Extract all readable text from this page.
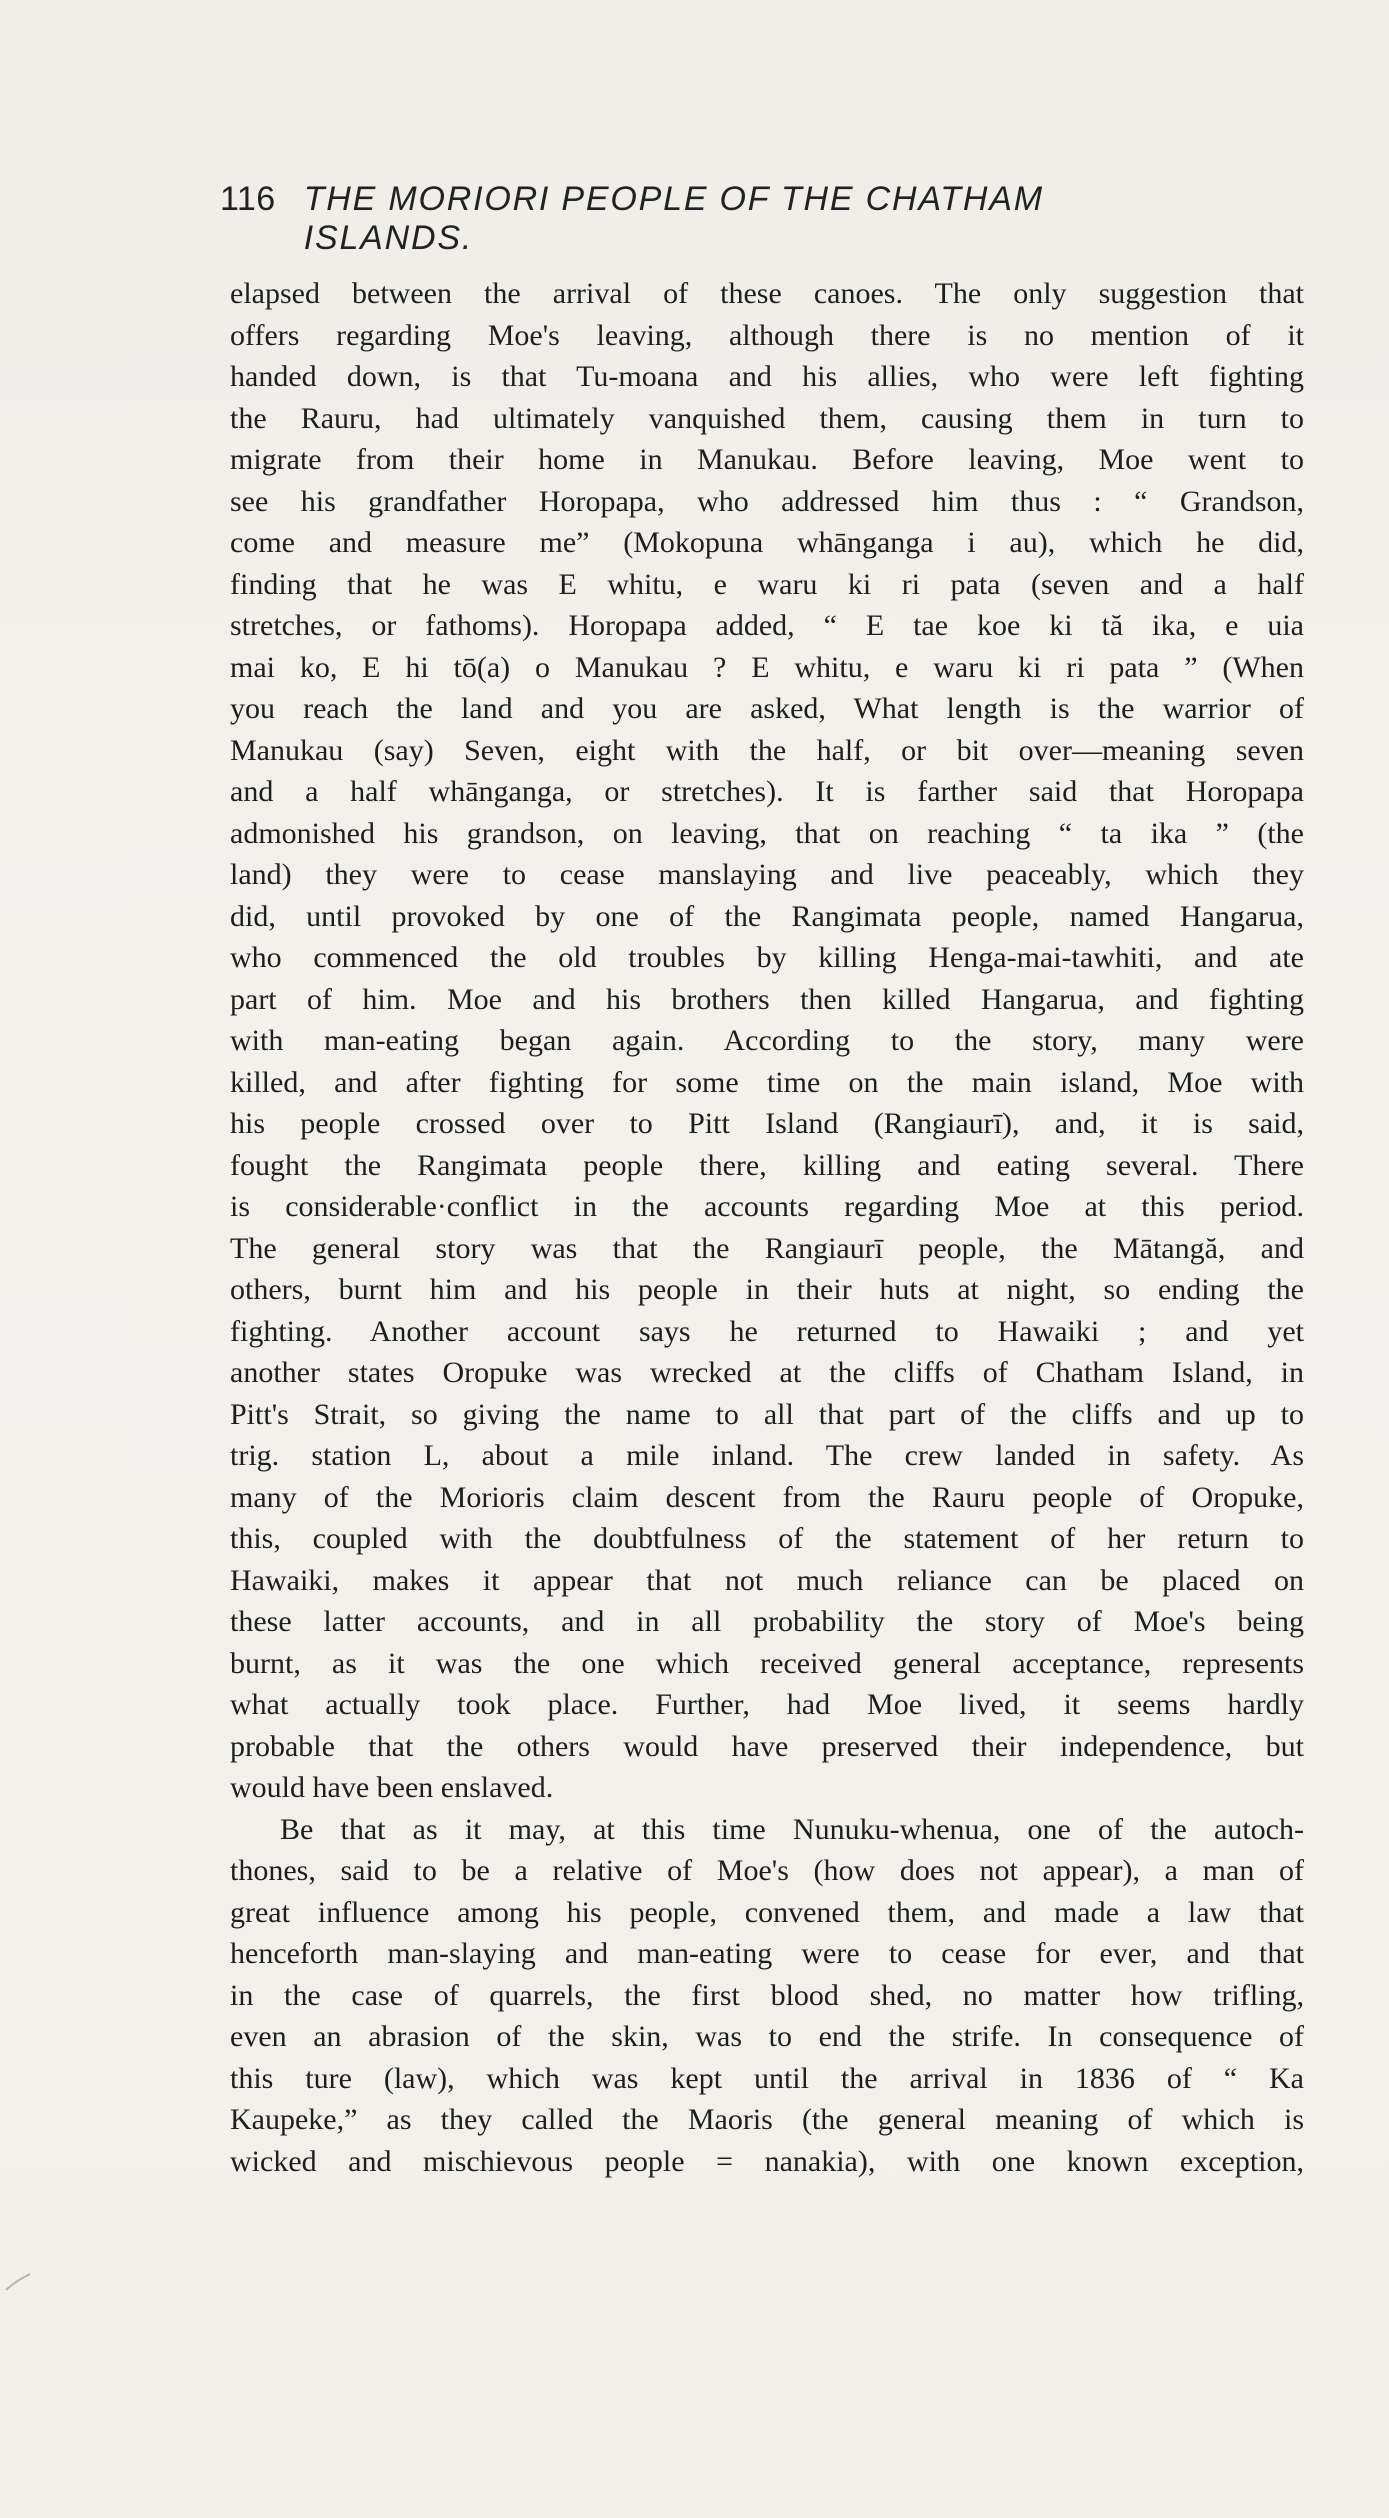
116 THE MORIORI PEOPLE OF THE CHATHAM ISLANDS.
elapsed between the arrival of these canoes. The only suggestion that
offers regarding Moe's leaving, although there is no mention of it
handed down, is that Tu-moana and his allies, who were left fighting
the Rauru, had ultimately vanquished them, causing them in turn to
migrate from their home in Manukau. Before leaving, Moe went to
see his grandfather Horopapa, who addressed him thus : “ Grandson,
come and measure me” (Mokopuna whānganga i au), which he did,
finding that he was E whitu, e waru ki ri pata (seven and a half
stretches, or fathoms). Horopapa added, “ E tae koe ki tă ika, e uia
mai ko, E hi tō(a) o Manukau ? E whitu, e waru ki ri pata ” (When
you reach the land and you are asked, What length is the warrior of
Manukau (say) Seven, eight with the half, or bit over—meaning seven
and a half whānganga, or stretches). It is farther said that Horopapa
admonished his grandson, on leaving, that on reaching “ ta ika ” (the
land) they were to cease manslaying and live peaceably, which they
did, until provoked by one of the Rangimata people, named Hangarua,
who commenced the old troubles by killing Henga-mai-tawhiti, and ate
part of him. Moe and his brothers then killed Hangarua, and fighting
with man-eating began again. According to the story, many were
killed, and after fighting for some time on the main island, Moe with
his people crossed over to Pitt Island (Rangiaurī), and, it is said,
fought the Rangimata people there, killing and eating several. There
is considerable·conflict in the accounts regarding Moe at this period.
The general story was that the Rangiaurī people, the Mātangă, and
others, burnt him and his people in their huts at night, so ending the
fighting. Another account says he returned to Hawaiki ; and yet
another states Oropuke was wrecked at the cliffs of Chatham Island, in
Pitt's Strait, so giving the name to all that part of the cliffs and up to
trig. station L, about a mile inland. The crew landed in safety. As
many of the Morioris claim descent from the Rauru people of Oropuke,
this, coupled with the doubtfulness of the statement of her return to
Hawaiki, makes it appear that not much reliance can be placed on
these latter accounts, and in all probability the story of Moe's being
burnt, as it was the one which received general acceptance, represents
what actually took place. Further, had Moe lived, it seems hardly
probable that the others would have preserved their independence, but
would have been enslaved.
Be that as it may, at this time Nunuku-whenua, one of the autoch-
thones, said to be a relative of Moe's (how does not appear), a man of
great influence among his people, convened them, and made a law that
henceforth man-slaying and man-eating were to cease for ever, and that
in the case of quarrels, the first blood shed, no matter how trifling,
even an abrasion of the skin, was to end the strife. In consequence of
this ture (law), which was kept until the arrival in 1836 of “ Ka
Kaupeke,” as they called the Maoris (the general meaning of which is
wicked and mischievous people = nanakia), with one known exception,
